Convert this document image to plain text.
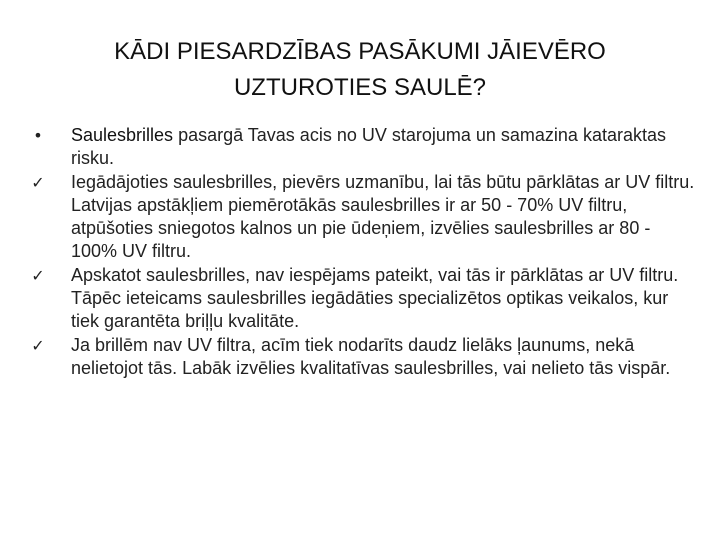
KĀDI PIESARDZĪBAS PASĀKUMI JĀIEVĒRO
UZTUROTIES SAULĒ?
• Saulesbrilles pasargā Tavas acis no UV starojuma un samazina kataraktas risku.
✓ Iegādājoties saulesbrilles, pievērs uzmanību, lai tās būtu pārklātas ar UV filtru. Latvijas apstākļiem piemērotākās saulesbrilles ir ar 50 - 70% UV filtru, atpūšoties sniegotos kalnos un pie ūdeņiem, izvēlies saulesbrilles ar 80 - 100% UV filtru.
✓ Apskatot saulesbrilles, nav iespējams pateikt, vai tās ir pārklātas ar UV filtru. Tāpēc ieteicams saulesbrilles iegādāties specializētos optikas veikalos, kur tiek garantēta briļļu kvalitāte.
✓ Ja brillēm nav UV filtra, acīm tiek nodarīts daudz lielāks ļaunums, nekā nelietojot tās. Labāk izvēlies kvalitatīvas saulesbrilles, vai nelieto tās vispār.
